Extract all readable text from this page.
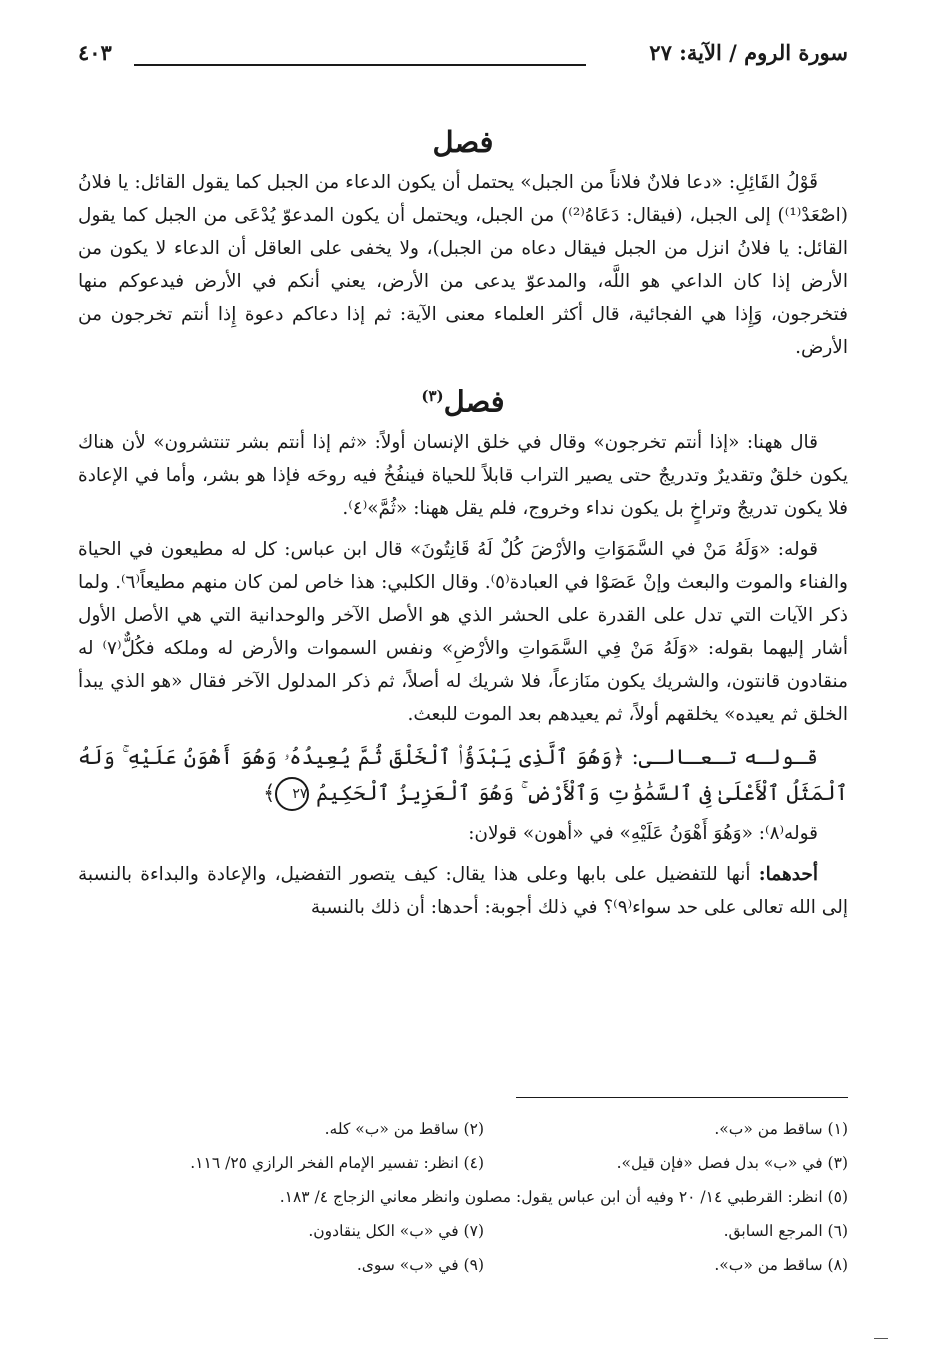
سورة الروم / الآية: ٢٧
٤٠٣
فصل

قَوْلُ القَائِلِ: «دعا فلانٌ فلاناً من الجبل» يحتمل أن يكون الدعاء من الجبل كما يقول القائل: يا فلانُ (اصْعَدْ⁽¹⁾) إلى الجبل، (فيقال: دَعَاهُ⁽²⁾) من الجبل، ويحتمل أن يكون المدعوّ يُدْعَى من الجبل كما يقول القائل: يا فلانُ انزل من الجبل فيقال دعاه من الجبل)، ولا يخفى على العاقل أن الدعاء لا يكون من الأرض إذا كان الداعي هو اللَّه، والمدعوّ يدعى من الأرض، يعني أنكم في الأرض فيدعوكم منها فتخرجون، وَإِذا هي الفجائية، قال أكثر العلماء معنى الآية: ثم إذا دعاكم دعوة إِذا أنتم تخرجون من الأرض.

فصل$^{(٣)}$

قال ههنا: «إذا أنتم تخرجون» وقال في خلق الإنسان أولاً: «ثم إذا أنتم بشر تنتشرون» لأن هناك يكون خلقٌ وتقديرٌ وتدريجٌ حتى يصير التراب قابلاً للحياة فينفُخُ فيه روحَه فإذا هو بشر، وأما في الإعادة فلا يكون تدريجٌ وتراخٍ بل يكون نداء وخروج، فلم يقل ههنا: «ثُمَّ»⁽٤⁾.

قوله: «وَلَهُ مَنْ في السَّمَوَاتِ والأرْضَ كُلٌ لَهُ قَانِتُونَ» قال ابن عباس: كل له مطيعون في الحياة والفناء والموت والبعث وإنْ عَصَوْا في العبادة⁽٥⁾. وقال الكلبي: هذا خاص لمن كان منهم مطيعاً⁽٦⁾. ولما ذكر الآيات التي تدل على القدرة على الحشر الذي هو الأصل الآخر والوحدانية التي هي الأصل الأول أشار إليهما بقوله: «وَلَهُ مَنْ فِي السَّمَواتِ والأرْضِ» ونفس السموات والأرض له وملكه فكُلٌّ⁽٧⁾ له منقادون قانتون، والشريك يكون منَازعاً، فلا شريك له أصلاً، ثم ذكر المدلول الآخر فقال «هو الذي يبدأ الخلق ثم يعيده» يخلقهم أولاً، ثم يعيدهم بعد الموت للبعث.

قـولـه تـعـالـى: ﴿وَهُوَ ٱلَّذِى يَبْدَؤُا۟ ٱلْخَلْقَ ثُمَّ يُعِيدُهُۥ وَهُوَ أَهْوَنُ عَلَيْهِ ۚ وَلَهُ ٱلْمَثَلُ ٱلْأَعْلَىٰ فِى ٱلسَّمَٰوَٰتِ وَٱلْأَرْضِ ۚ وَهُوَ ٱلْعَزِيزُ ٱلْحَكِيمُ ٢٧﴾

قوله⁽٨⁾: «وَهُوَ أَهْوَنُ عَلَيْهِ» في «أهون» قولان:

أحدهما: أنها للتفضيل على بابها وعلى هذا يقال: كيف يتصور التفضيل، والإعادة والبداءة بالنسبة إلى الله تعالى على حد سواء⁽٩⁾؟ في ذلك أجوبة: أحدها: أن ذلك بالنسبة

(١) ساقط من «ب».
(٢) ساقط من «ب» كله.
(٣) في «ب» بدل فصل «فإن قيل».
(٤) انظر: تفسير الإمام الفخر الرازي ٢٥/ ١١٦.
(٥) انظر: القرطبي ١٤/ ٢٠ وفيه أن ابن عباس يقول: مصلون وانظر معاني الزجاج ٤/ ١٨٣.
(٦) المرجع السابق.
(٧) في «ب» الكل ينقادون.
(٨) ساقط من «ب».
(٩) في «ب» سوى.
